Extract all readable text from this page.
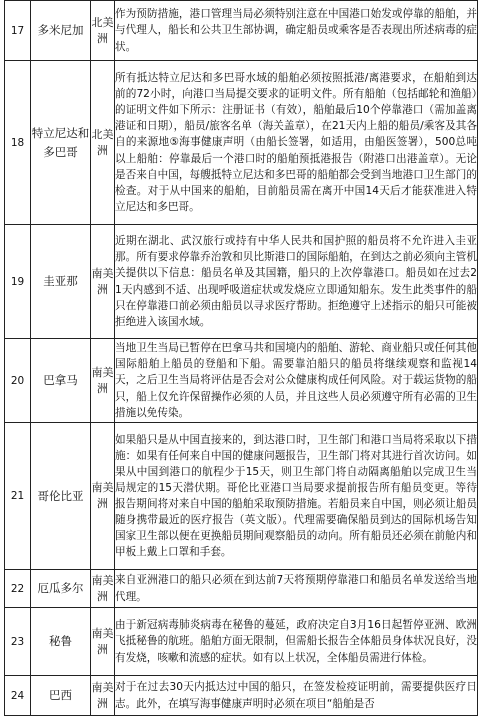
17	多米尼加	北美洲	作为预防措施，港口管理当局必须特别注意在中国港口始发或停靠的船舶，并与代理人，船长和公共卫生部协调，确定船员或乘客是否表现出所述病毒的症状。
18	特立尼达和多巴哥	北美洲	所有抵达特立尼达和多巴哥水域的船舶必须按照抵港/离港要求，在船舶到达前的72小时，向港口当局提交要求的证明文件。所有船舶（包括邮轮和渔船）的证明文件如下所示：注册证书（有效），船舶最后10个停靠港口（需加盖离港证和日期），船员/旅客名单（海关盖章），在21天内上船的船员/乘客及其各自的来源地⑤海事健康声明（由船长签署，如适用，由船医签署），500总吨以上船舶：停靠最后一个港口时的船舶预抵港报告（附港口出港盖章）。无论是否来自中国，每艘抵特立尼达和多巴哥的船舶都会受到当地港口卫生部门的检查。对于从中国来的船舶，目前船员需在离开中国14天后才能获准进入特立尼达和多巴哥。
19	圭亚那	南美洲	近期在湖北、武汉旅行或持有中华人民共和国护照的船员将不允许进入圭亚那。所有要求停靠乔治敦和贝比斯港口的国际船舶，在到达之前必须向主管机关提供以下信息：船员名单及其国籍，船只的上次停靠港口。船员如在过去21天内感到不适、出现呼吸道症状或发烧应立即通知船东。发生此类事件的船只在停靠港口前必须由船员以寻求医疗帮助。拒绝遵守上述指示的船只可能被拒绝进入该国水域。
20	巴拿马	南美洲	当地卫生当局已暂停在巴拿马共和国境内的船舶、游轮、商业船只或任何其他国际船舶上船员的登船和下船。需要靠泊船只的船员将继续观察和监视14天，之后卫生当局将评估是否会对公众健康构成任何风险。对于载运货物的船只，船上仅允许保留操作必须的人员，并且这些人员必须遵守所有必需的卫生措施以免传染。
21	哥伦比亚	南美洲	如果船只是从中国直接来的，到达港口时，卫生部门和港口当局将采取以下措施：如果有任何来自中国的健康问题报告，卫生部门将对其进行首次访问。如果从中国到港口的航程少于15天，则卫生部门将自动隔离船舶以完成卫生当局规定的15天潜伏期。哥伦比亚港口当局要求提前报告所有船员变更。等待报告期间将对来自中国的船舶采取预防措施。若船员来自中国，则必须让船员随身携带最近的医疗报告（英文版）。代理需要确保船员到达的国际机场告知国家卫生部以便在更换船员期间观察船员的动向。所有船员还必须在前舱内和甲板上戴上口罩和手套。
22	厄瓜多尔	南美洲	来自亚洲港口的船只必须在到达前7天将预期停靠港口和船员名单发送给当地代理。
23	秘鲁	南美洲	由于新冠病毒肺炎病毒在秘鲁的蔓延，政府决定自3月16日起暂停亚洲、欧洲飞抵秘鲁的航班。船舶方面无限制，但需船长报告全体船员身体状况良好，没有发烧，咳嗽和流感的症状。如有以上状况，全体船员需进行体检。
24	巴西	南美洲	对于在过去30天内抵达过中国的船只，在签发检疫证明前，需要提供医疗日志。此外，在填写海事健康声明时必须在项目“船舶是否
